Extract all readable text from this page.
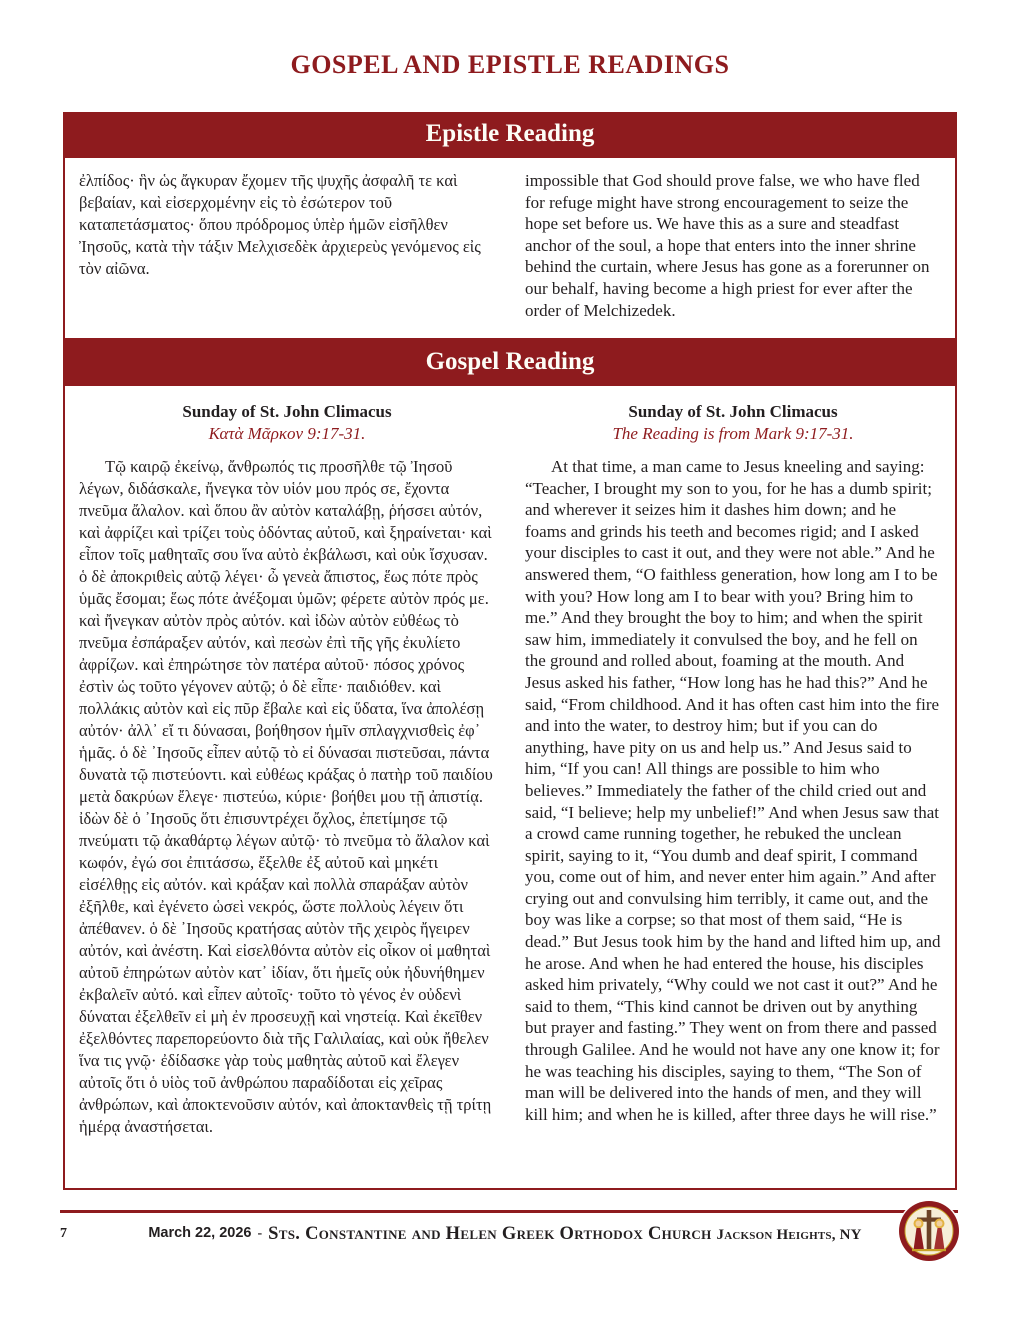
GOSPEL AND EPISTLE READINGS
Epistle Reading

ἐλπίδος· ἣν ὡς ἄγκυραν ἔχομεν τῆς ψυχῆς ἀσφαλῆ τε καὶ βεβαίαν, καὶ εἰσερχομένην εἰς τὸ ἐσώτερον τοῦ καταπετάσματος· ὅπου πρόδρομος ὑπὲρ ἡμῶν εἰσῆλθεν Ἰησοῦς, κατὰ τὴν τάξιν Μελχισεδὲκ ἀρχιερεὺς γενόμενος εἰς τὸν αἰῶνα.

impossible that God should prove false, we who have fled for refuge might have strong encouragement to seize the hope set before us. We have this as a sure and steadfast anchor of the soul, a hope that enters into the inner shrine behind the curtain, where Jesus has gone as a forerunner on our behalf, having become a high priest for ever after the order of Melchizedek.

Gospel Reading
Sunday of St. John Climacus
Κατὰ Μᾶρκον 9:17-31.

Τῷ καιρῷ ἐκείνῳ, ἄνθρωπός τις προσῆλθε τῷ Ἰησοῦ λέγων, διδάσκαλε, ἤνεγκα τὸν υἱόν μου πρός σε, ἔχοντα πνεῦμα ἄλαλον. καὶ ὅπου ἂν αὐτὸν καταλάβῃ, ῥήσσει αὐτόν, καὶ ἀφρίζει καὶ τρίζει τοὺς ὀδόντας αὐτοῦ, καὶ ξηραίνεται· καὶ εἶπον τοῖς μαθηταῖς σου ἵνα αὐτὸ ἐκβάλωσι, καὶ οὐκ ἴσχυσαν. ὁ δὲ ἀποκριθεὶς αὐτῷ λέγει· ὦ γενεὰ ἄπιστος, ἕως πότε πρὸς ὑμᾶς ἔσομαι; ἕως πότε ἀνέξομαι ὑμῶν; φέρετε αὐτὸν πρός με. καὶ ἤνεγκαν αὐτὸν πρὸς αὐτόν. καὶ ἰδὼν αὐτὸν εὐθέως τὸ πνεῦμα ἐσπάραξεν αὐτόν, καὶ πεσὼν ἐπὶ τῆς γῆς ἐκυλίετο ἀφρίζων. καὶ ἐπηρώτησε τὸν πατέρα αὐτοῦ· πόσος χρόνος ἐστὶν ὡς τοῦτο γέγονεν αὐτῷ; ὁ δὲ εἶπε· παιδιόθεν. καὶ πολλάκις αὐτὸν καὶ εἰς πῦρ ἔβαλε καὶ εἰς ὕδατα, ἵνα ἀπολέσῃ αὐτόν· ἀλλ᾽ εἴ τι δύνασαι, βοήθησον ἡμῖν σπλαγχνισθεὶς ἐφ᾽ ἡμᾶς. ὁ δὲ ᾽Ιησοῦς εἶπεν αὐτῷ τὸ εἰ δύνασαι πιστεῦσαι, πάντα δυνατὰ τῷ πιστεύοντι. καὶ εὐθέως κράξας ὁ πατὴρ τοῦ παιδίου μετὰ δακρύων ἔλεγε· πιστεύω, κύριε· βοήθει μου τῇ ἀπιστίᾳ. ἰδὼν δὲ ὁ ᾽Ιησοῦς ὅτι ἐπισυντρέχει ὄχλος, ἐπετίμησε τῷ πνεύματι τῷ ἀκαθάρτῳ λέγων αὐτῷ· τὸ πνεῦμα τὸ ἄλαλον καὶ κωφόν, ἐγώ σοι ἐπιτάσσω, ἔξελθε ἐξ αὐτοῦ καὶ μηκέτι εἰσέλθῃς εἰς αὐτόν. καὶ κράξαν καὶ πολλὰ σπαράξαν αὐτὸν ἐξῆλθε, καὶ ἐγένετο ὡσεὶ νεκρός, ὥστε πολλοὺς λέγειν ὅτι ἀπέθανεν. ὁ δὲ ᾽Ιησοῦς κρατήσας αὐτὸν τῆς χειρὸς ἤγειρεν αὐτόν, καὶ ἀνέστη. Καὶ εἰσελθόντα αὐτὸν εἰς οἶκον οἱ μαθηταὶ αὐτοῦ ἐπηρώτων αὐτὸν κατ᾽ ἰδίαν, ὅτι ἡμεῖς οὐκ ἠδυνήθημεν ἐκβαλεῖν αὐτό. καὶ εἶπεν αὐτοῖς· τοῦτο τὸ γένος ἐν οὐδενὶ δύναται ἐξελθεῖν εἰ μὴ ἐν προσευχῇ καὶ νηστείᾳ. Καὶ ἐκεῖθεν ἐξελθόντες παρεπορεύοντο διὰ τῆς Γαλιλαίας, καὶ οὐκ ἤθελεν ἵνα τις γνῷ· ἐδίδασκε γὰρ τοὺς μαθητὰς αὐτοῦ καὶ ἔλεγεν αὐτοῖς ὅτι ὁ υἱὸς τοῦ ἀνθρώπου παραδίδοται εἰς χεῖρας ἀνθρώπων, καὶ ἀποκτενοῦσιν αὐτόν, καὶ ἀποκτανθεὶς τῇ τρίτῃ ἡμέρᾳ ἀναστήσεται.

Sunday of St. John Climacus
The Reading is from Mark 9:17-31.

At that time, a man came to Jesus kneeling and saying: “Teacher, I brought my son to you, for he has a dumb spirit; and wherever it seizes him it dashes him down; and he foams and grinds his teeth and becomes rigid; and I asked your disciples to cast it out, and they were not able.” And he answered them, “O faithless generation, how long am I to be with you? How long am I to bear with you? Bring him to me.” And they brought the boy to him; and when the spirit saw him, immediately it convulsed the boy, and he fell on the ground and rolled about, foaming at the mouth. And Jesus asked his father, “How long has he had this?” And he said, “From childhood. And it has often cast him into the fire and into the water, to destroy him; but if you can do anything, have pity on us and help us.” And Jesus said to him, “If you can! All things are possible to him who believes.” Immediately the father of the child cried out and said, “I believe; help my unbelief!” And when Jesus saw that a crowd came running together, he rebuked the unclean spirit, saying to it, “You dumb and deaf spirit, I command you, come out of him, and never enter him again.” And after crying out and convulsing him terribly, it came out, and the boy was like a corpse; so that most of them said, “He is dead.” But Jesus took him by the hand and lifted him up, and he arose. And when he had entered the house, his disciples asked him privately, “Why could we not cast it out?” And he said to them, “This kind cannot be driven out by anything but prayer and fasting.” They went on from there and passed through Galilee. And he would not have any one know it; for he was teaching his disciples, saying to them, “The Son of man will be delivered into the hands of men, and they will kill him; and when he is killed, after three days he will rise.”

7	March 22, 2026 - Sts. Constantine and Helen Greek Orthodox Church Jackson Heights, NY
